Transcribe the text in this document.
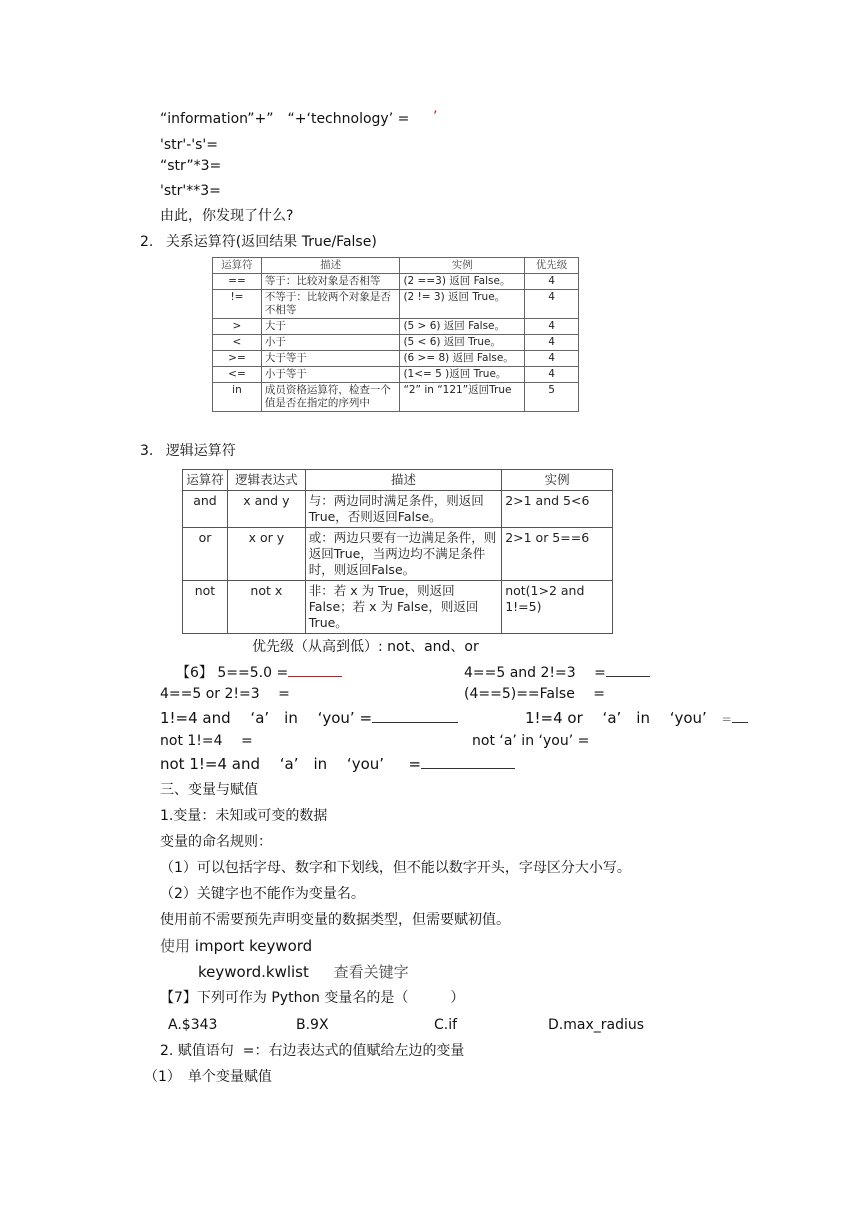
“information”+”　“+‘technology’ = ’
'str'-'s'=
“str”*3=
'str'**3=
由此，你发现了什么?
2. 关系运算符(返回结果 True/False)
运算符	描述	实例	优先级
==	等于：比较对象是否相等	(2 ==3) 返回 False。	4
!=	不等于：比较两个对象是否不相等	(2 != 3) 返回 True。	4
>	大于	(5 > 6) 返回 False。	4
<	小于	(5 < 6) 返回 True。	4
>=	大于等于	(6 >= 8) 返回 False。	4
<=	小于等于	(1<= 5 )返回 True。	4
in	成员资格运算符，检查一个值是否在指定的序列中	“2” in “121”返回True	5
3. 逻辑运算符
运算符	逻辑表达式	描述	实例
and	x and y	与：两边同时满足条件，则返回 True，否则返回False。	2>1 and 5<6
or	x or y	或：两边只要有一边满足条件，则返回True，当两边均不满足条件时，则返回False。	2>1 or 5==6
not	not x	非：若 x 为 True，则返回 False；若 x 为 False，则返回 True。	not(1>2 and 1!=5)
优先级（从高到低）: not、and、or
【6】 5==5.0 =	4==5 and 2!=3 　=
4==5 or 2!=3 　=	(4==5)==False 　=
1!=4 and 　‘a’　in 　‘you’ =	1!=4 or 　‘a’　in 　‘you’ =
not 1!=4 　=	not ‘a’ in ‘you’ =
not 1!=4 and 　‘a’　in 　‘you’ 　 =
三、变量与赋值
1.变量：未知或可变的数据
变量的命名规则：
（1）可以包括字母、数字和下划线，但不能以数字开头，字母区分大小写。
（2）关键字也不能作为变量名。
使用前不需要预先声明变量的数据类型，但需要赋初值。
使用 import keyword
keyword.kwlist 查看关键字
【7】下列可作为 Python 变量名的是（　　　）
A.$343	B.9X	C.if	D.max_radius
2. 赋值语句  =：右边表达式的值赋给左边的变量
（1）　单个变量赋值
